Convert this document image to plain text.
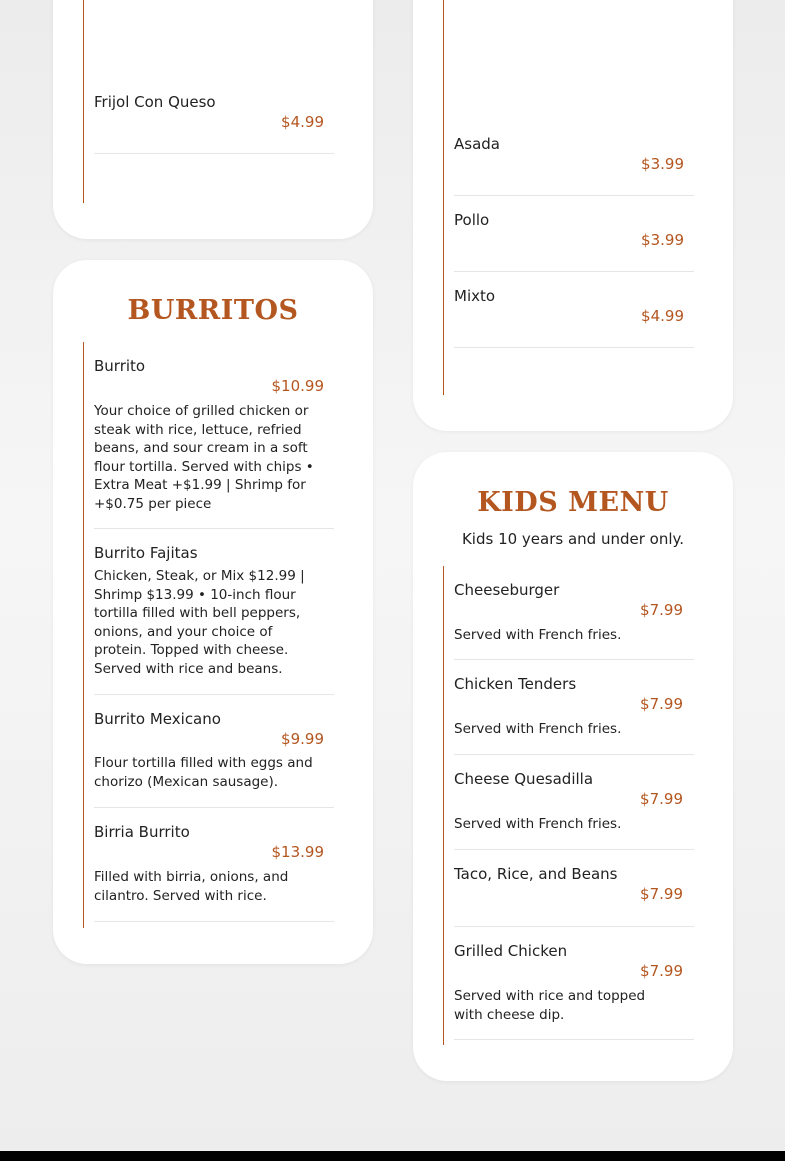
Frijol Con Queso
$4.99
Asada
$3.99
Pollo
$3.99
Mixto
$4.99
BURRITOS
Burrito
$10.99
Your choice of grilled chicken or steak with rice, lettuce, refried beans, and sour cream in a soft flour tortilla. Served with chips • Extra Meat +$1.99 | Shrimp for +$0.75 per piece
Burrito Fajitas
Chicken, Steak, or Mix $12.99 | Shrimp $13.99 • 10-inch flour tortilla filled with bell peppers, onions, and your choice of protein. Topped with cheese. Served with rice and beans.
Burrito Mexicano
$9.99
Flour tortilla filled with eggs and chorizo (Mexican sausage).
Birria Burrito
$13.99
Filled with birria, onions, and cilantro. Served with rice.
KIDS MENU
Kids 10 years and under only.
Cheeseburger
$7.99
Served with French fries.
Chicken Tenders
$7.99
Served with French fries.
Cheese Quesadilla
$7.99
Served with French fries.
Taco, Rice, and Beans
$7.99
Grilled Chicken
$7.99
Served with rice and topped with cheese dip.
